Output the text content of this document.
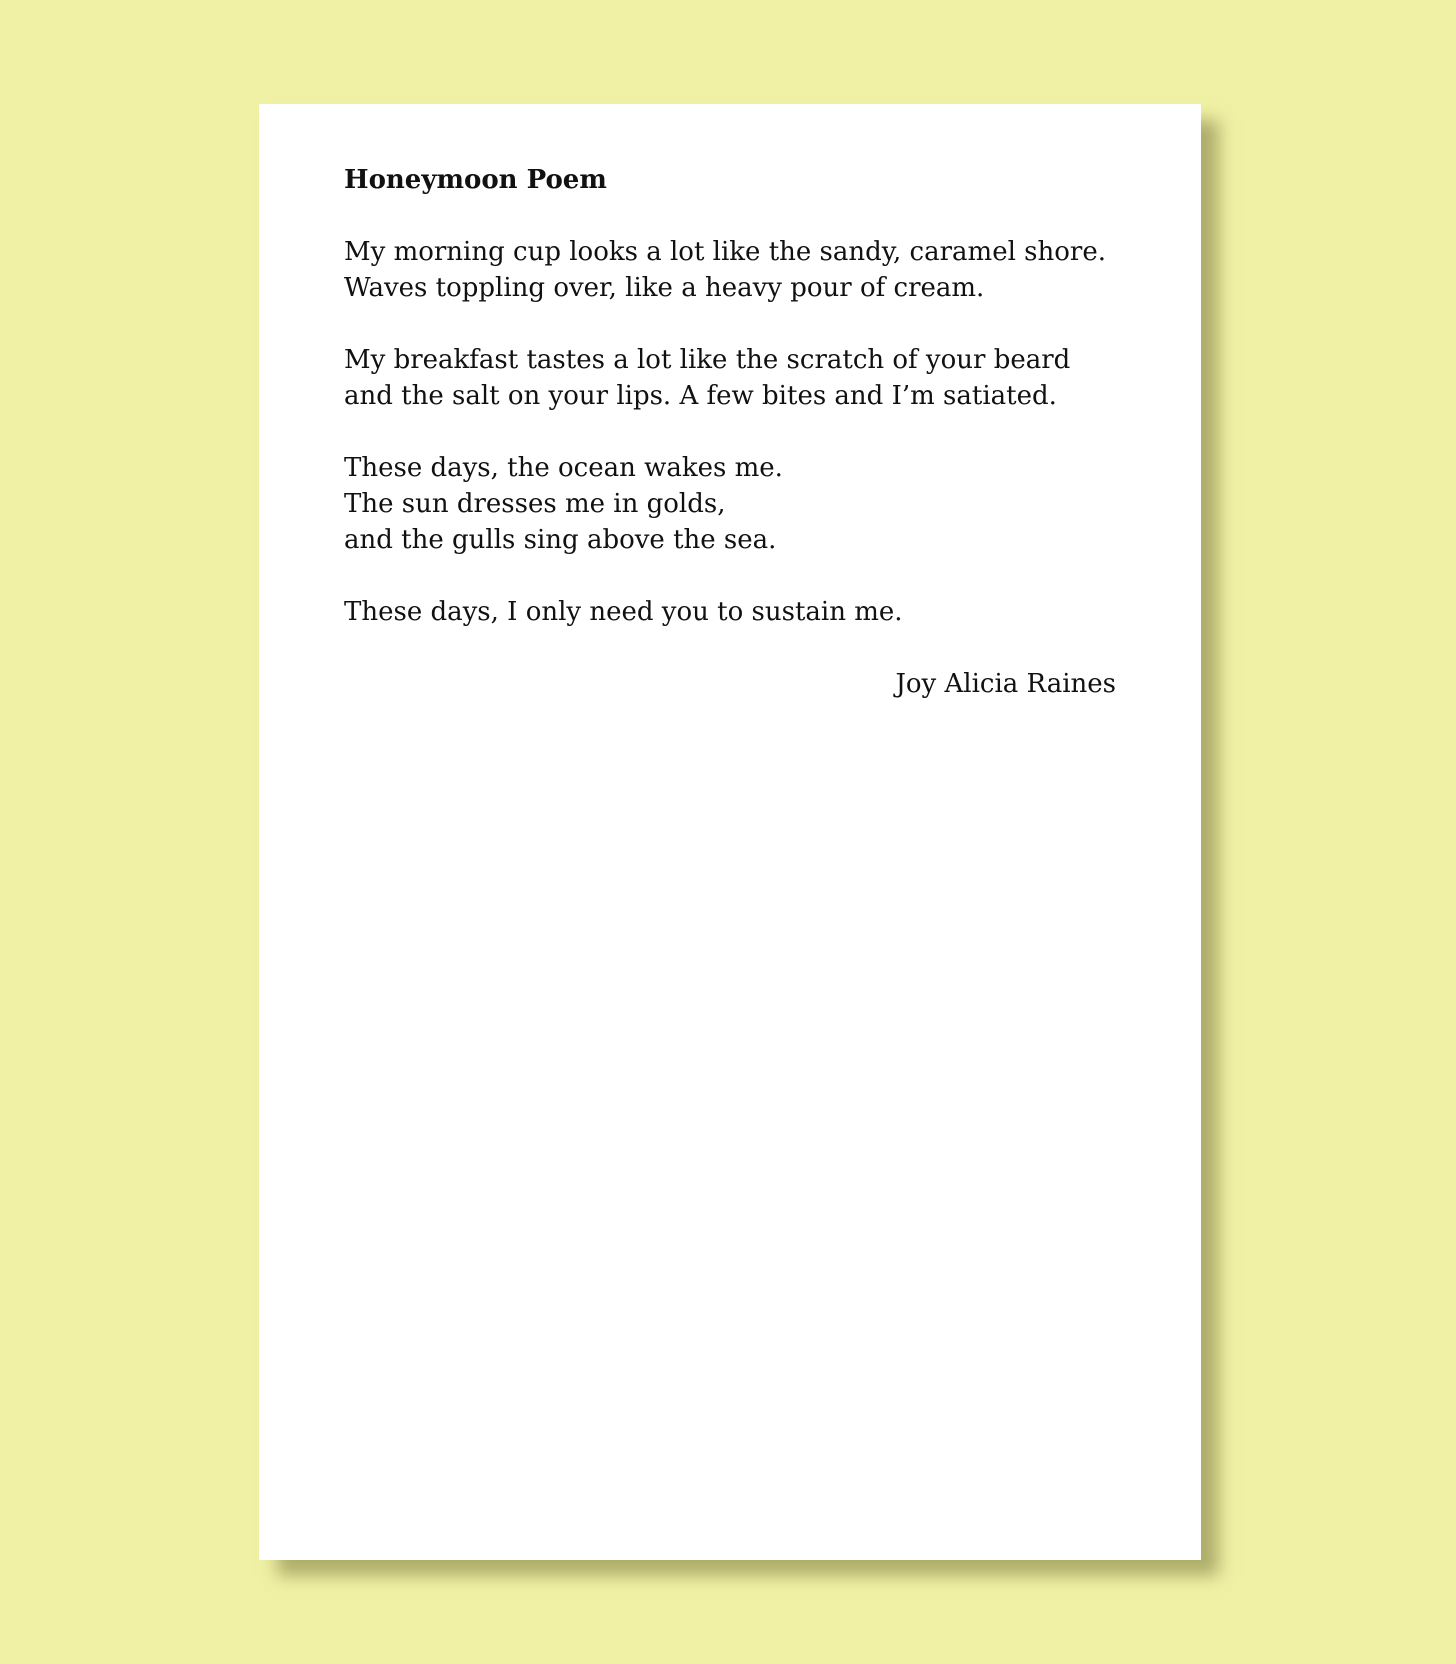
Honeymoon Poem
My morning cup looks a lot like the sandy, caramel shore.
Waves toppling over, like a heavy pour of cream.
My breakfast tastes a lot like the scratch of your beard
and the salt on your lips. A few bites and I’m satiated.
These days, the ocean wakes me.
The sun dresses me in golds,
and the gulls sing above the sea.
These days, I only need you to sustain me.
Joy Alicia Raines
